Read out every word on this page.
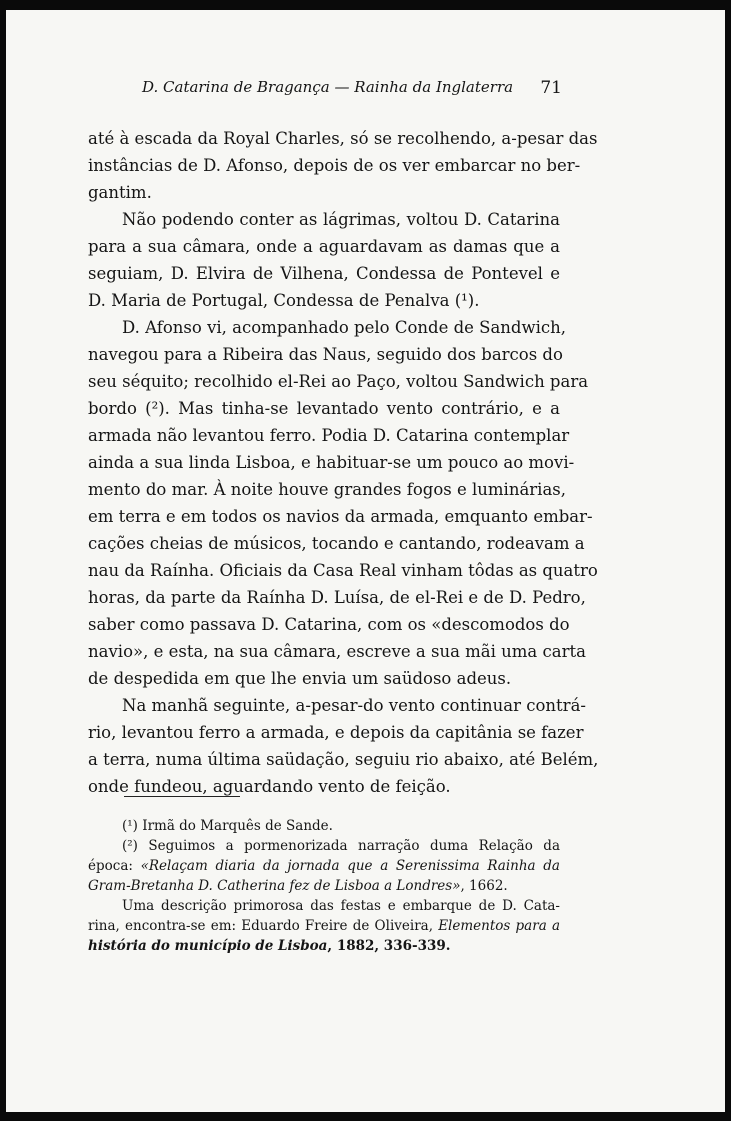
D. Catarina de Bragança — Rainha da Inglaterra 71
até à escada da Royal Charles, só se recolhendo, a-pesar das
instâncias de D. Afonso, depois de os ver embarcar no ber-
gantim.
Não podendo conter as lágrimas, voltou D. Catarina
para a sua câmara, onde a aguardavam as damas que a
seguiam, D. Elvira de Vilhena, Condessa de Pontevel e
D. Maria de Portugal, Condessa de Penalva (¹).
D. Afonso vi, acompanhado pelo Conde de Sandwich,
navegou para a Ribeira das Naus, seguido dos barcos do
seu séquito; recolhido el-Rei ao Paço, voltou Sandwich para
bordo (²). Mas tinha-se levantado vento contrário, e a
armada não levantou ferro. Podia D. Catarina contemplar
ainda a sua linda Lisboa, e habituar-se um pouco ao movi-
mento do mar. À noite houve grandes fogos e luminárias,
em terra e em todos os navios da armada, emquanto embar-
cações cheias de músicos, tocando e cantando, rodeavam a
nau da Raínha. Oficiais da Casa Real vinham tôdas as quatro
horas, da parte da Raínha D. Luísa, de el-Rei e de D. Pedro,
saber como passava D. Catarina, com os «descomodos do
navio», e esta, na sua câmara, escreve a sua mãi uma carta
de despedida em que lhe envia um saüdoso adeus.
Na manhã seguinte, a-pesar-do vento continuar contrá-
rio, levantou ferro a armada, e depois da capitânia se fazer
a terra, numa última saüdação, seguiu rio abaixo, até Belém,
onde fundeou, aguardando vento de feição.
(¹) Irmã do Marquês de Sande.
(²) Seguimos a pormenorizada narração duma Relação da
época: «Relaçam diaria da jornada que a Serenissima Rainha da
Gram-Bretanha D. Catherina fez de Lisboa a Londres», 1662.
Uma descrição primorosa das festas e embarque de D. Cata-
rina, encontra-se em: Eduardo Freire de Oliveira, Elementos para a
história do município de Lisboa, 1882, 336-339.
